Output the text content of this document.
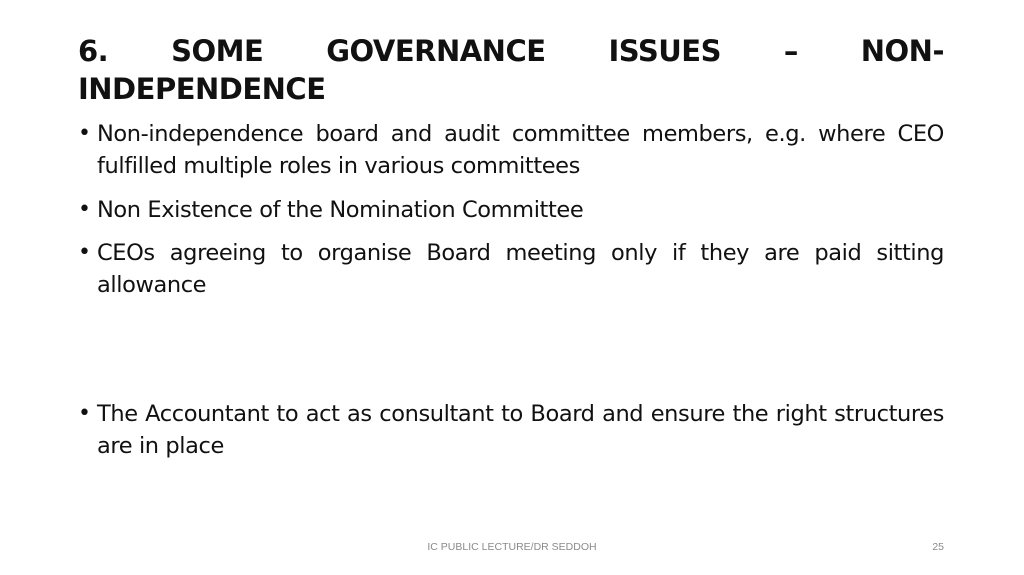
6. SOME GOVERNANCE ISSUES – NON-
INDEPENDENCE
• Non-independence board and audit committee members, e.g. where CEO fulfilled multiple roles in various committees
• Non Existence of the Nomination Committee
• CEOs agreeing to organise Board meeting only if they are paid sitting allowance
• The Accountant to act as consultant to Board and ensure the right structures are in place
IC PUBLIC LECTURE/DR SEDDOH	25
